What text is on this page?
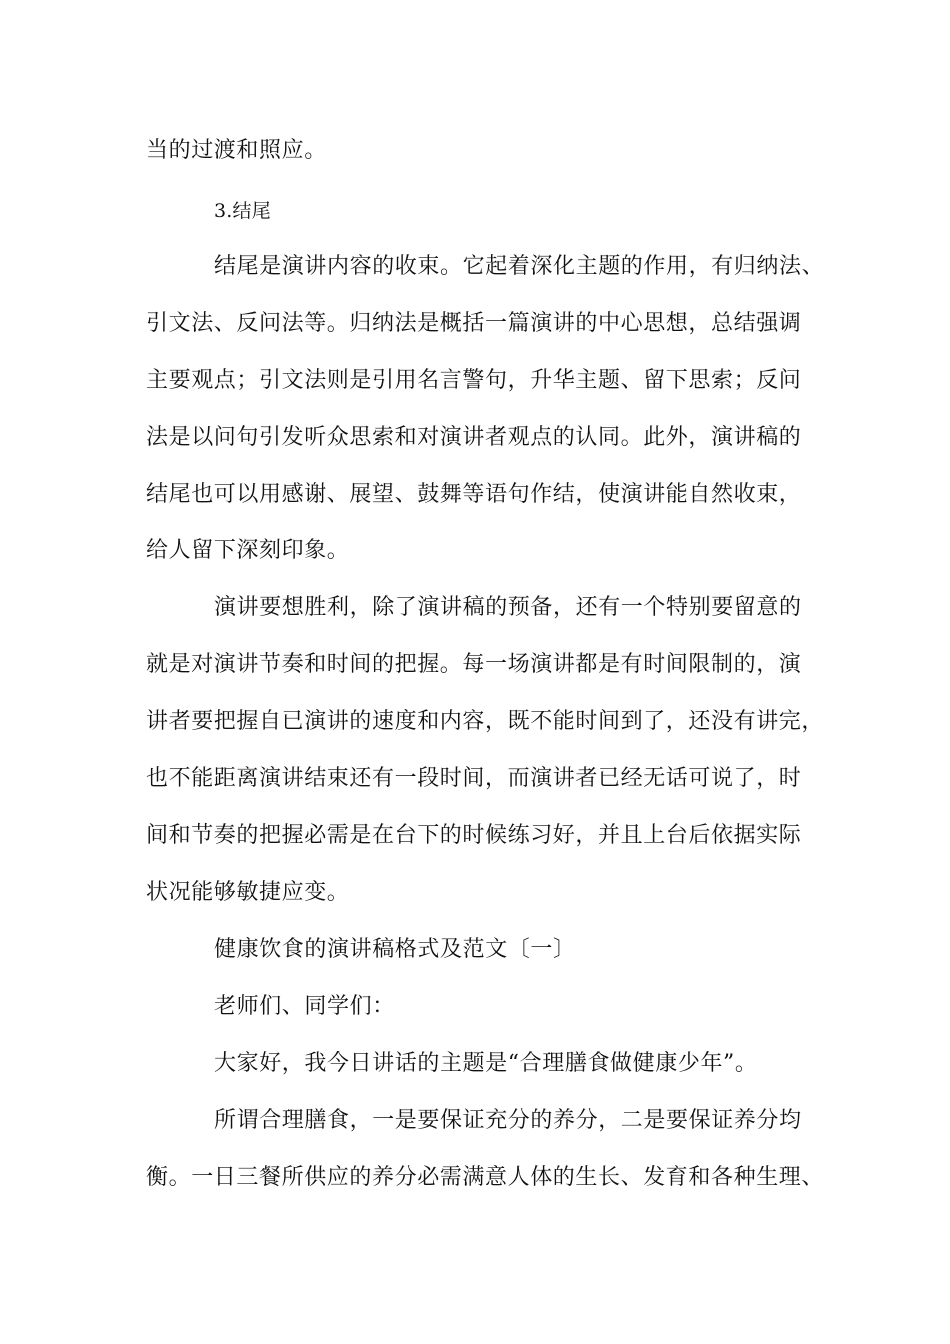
当的过渡和照应。
3.结尾
结尾是演讲内容的收束。它起着深化主题的作用，有归纳法、
引文法、反问法等。归纳法是概括一篇演讲的中心思想，总结强调
主要观点；引文法则是引用名言警句，升华主题、留下思索；反问
法是以问句引发听众思索和对演讲者观点的认同。此外，演讲稿的
结尾也可以用感谢、展望、鼓舞等语句作结，使演讲能自然收束，
给人留下深刻印象。
演讲要想胜利，除了演讲稿的预备，还有一个特别要留意的
就是对演讲节奏和时间的把握。每一场演讲都是有时间限制的，演
讲者要把握自已演讲的速度和内容，既不能时间到了，还没有讲完，
也不能距离演讲结束还有一段时间，而演讲者已经无话可说了，时
间和节奏的把握必需是在台下的时候练习好，并且上台后依据实际
状况能够敏捷应变。
健康饮食的演讲稿格式及范文〔一〕
老师们、同学们：
大家好，我今日讲话的主题是“合理膳食做健康少年”。
所谓合理膳食，一是要保证充分的养分，二是要保证养分均
衡。一日三餐所供应的养分必需满意人体的生长、发育和各种生理、
